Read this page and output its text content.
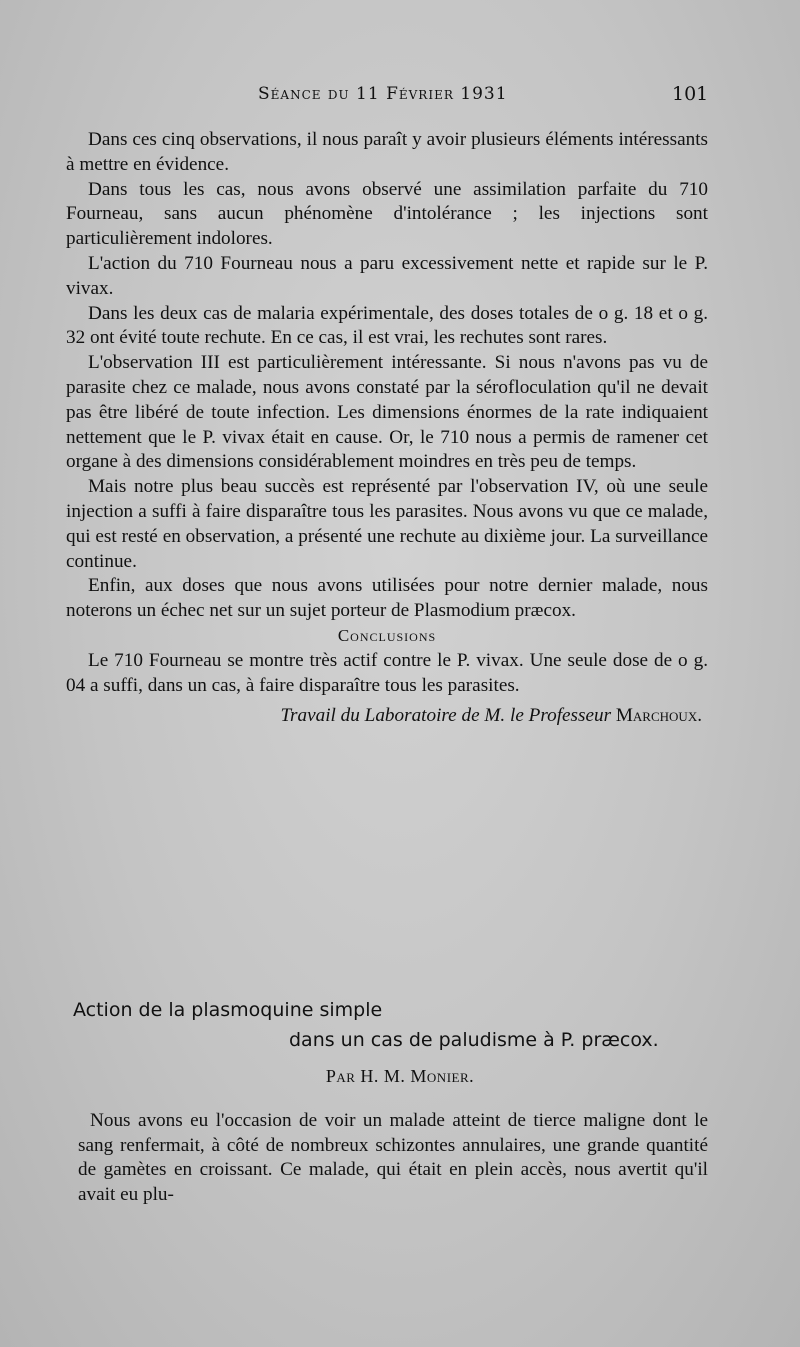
Séance du 11 Février 1931	101

Dans ces cinq observations, il nous paraît y avoir plusieurs éléments intéressants à mettre en évidence.

Dans tous les cas, nous avons observé une assimilation parfaite du 710 Fourneau, sans aucun phénomène d'intolérance ; les injections sont particulièrement indolores.

L'action du 710 Fourneau nous a paru excessivement nette et rapide sur le P. vivax.

Dans les deux cas de malaria expérimentale, des doses totales de o g. 18 et o g. 32 ont évité toute rechute. En ce cas, il est vrai, les rechutes sont rares.

L'observation III est particulièrement intéressante. Si nous n'avons pas vu de parasite chez ce malade, nous avons constaté par la sérofloculation qu'il ne devait pas être libéré de toute infection. Les dimensions énormes de la rate indiquaient nettement que le P. vivax était en cause. Or, le 710 nous a permis de ramener cet organe à des dimensions considérablement moindres en très peu de temps.

Mais notre plus beau succès est représenté par l'observation IV, où une seule injection a suffi à faire disparaître tous les parasites. Nous avons vu que ce malade, qui est resté en observation, a présenté une rechute au dixième jour. La surveillance continue.

Enfin, aux doses que nous avons utilisées pour notre dernier malade, nous noterons un échec net sur un sujet porteur de Plasmodium præcox.

Conclusions

Le 710 Fourneau se montre très actif contre le P. vivax. Une seule dose de o g. 04 a suffi, dans un cas, à faire disparaître tous les parasites.

Travail du Laboratoire de M. le Professeur Marchoux.

Action de la plasmoquine simple
dans un cas de paludisme à P. præcox.
Par H. M. Monier.

Nous avons eu l'occasion de voir un malade atteint de tierce maligne dont le sang renfermait, à côté de nombreux schizontes annulaires, une grande quantité de gamètes en croissant. Ce malade, qui était en plein accès, nous avertit qu'il avait eu plu-
